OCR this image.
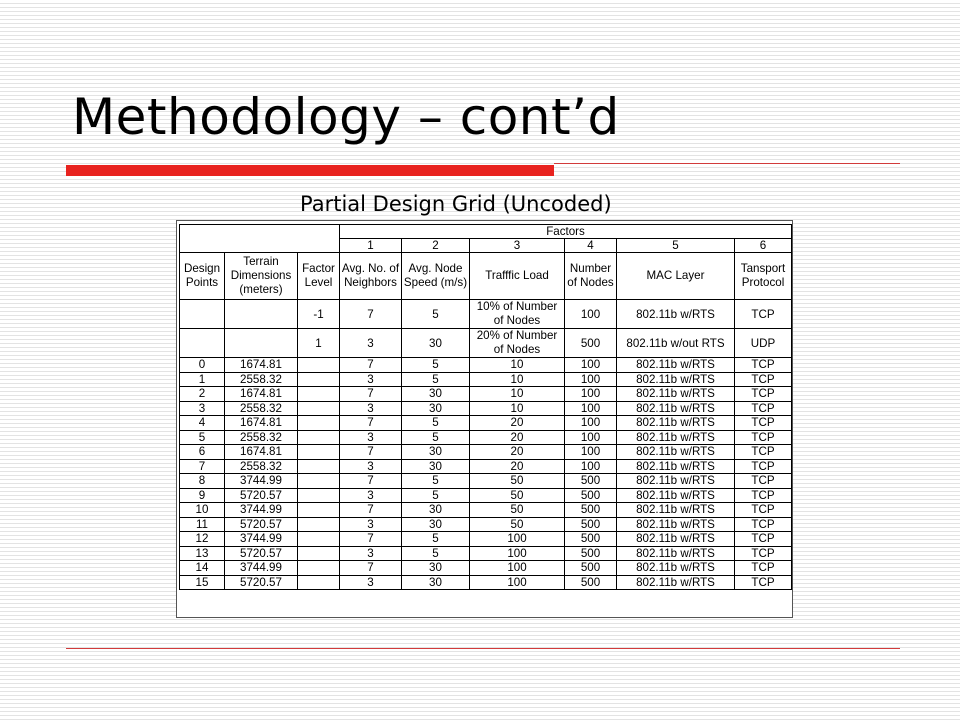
Methodology – cont’d
Partial Design Grid (Uncoded)
			Factors					
			1	2	3	4	5	6
Design Points	Terrain Dimensions (meters)	Factor Level	Avg. No. of Neighbors	Avg. Node Speed (m/s)	Trafffic Load	Number of Nodes	MAC Layer	Tansport Protocol
		-1	7	5	10% of Number of Nodes	100	802.11b w/RTS	TCP
		1	3	30	20% of Number of Nodes	500	802.11b w/out RTS	UDP
0	1674.81		7	5	10	100	802.11b w/RTS	TCP
1	2558.32		3	5	10	100	802.11b w/RTS	TCP
2	1674.81		7	30	10	100	802.11b w/RTS	TCP
3	2558.32		3	30	10	100	802.11b w/RTS	TCP
4	1674.81		7	5	20	100	802.11b w/RTS	TCP
5	2558.32		3	5	20	100	802.11b w/RTS	TCP
6	1674.81		7	30	20	100	802.11b w/RTS	TCP
7	2558.32		3	30	20	100	802.11b w/RTS	TCP
8	3744.99		7	5	50	500	802.11b w/RTS	TCP
9	5720.57		3	5	50	500	802.11b w/RTS	TCP
10	3744.99		7	30	50	500	802.11b w/RTS	TCP
11	5720.57		3	30	50	500	802.11b w/RTS	TCP
12	3744.99		7	5	100	500	802.11b w/RTS	TCP
13	5720.57		3	5	100	500	802.11b w/RTS	TCP
14	3744.99		7	30	100	500	802.11b w/RTS	TCP
15	5720.57		3	30	100	500	802.11b w/RTS	TCP
